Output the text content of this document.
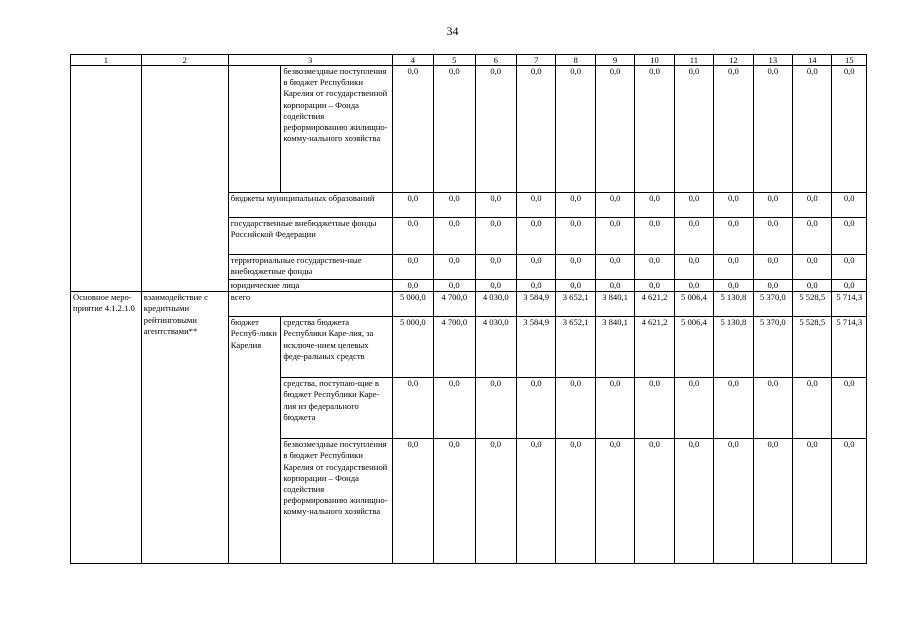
34
1	2	3		4	5	6	7	8	9	10	11	12	13	14	15
			безвозмездные поступления в бюджет Республики Карелия от государственной корпорации – Фонда содействия реформированию жилищно-комму-нального хозяйства	0,0	0,0	0,0	0,0	0,0	0,0	0,0	0,0	0,0	0,0	0,0	0,0
		бюджеты муниципальных образований		0,0	0,0	0,0	0,0	0,0	0,0	0,0	0,0	0,0	0,0	0,0	0,0
		государственные внебюджетные фонды Российской Федерации		0,0	0,0	0,0	0,0	0,0	0,0	0,0	0,0	0,0	0,0	0,0	0,0
		территориальные государствен-ные внебюджетные фонды		0,0	0,0	0,0	0,0	0,0	0,0	0,0	0,0	0,0	0,0	0,0	0,0
		юридические лица		0,0	0,0	0,0	0,0	0,0	0,0	0,0	0,0	0,0	0,0	0,0	0,0
Основное меро-приятие 4.1.2.1.0	взаимодействие с кредитными рейтинговыми агентствами**	всего		5 000,0	4 700,0	4 030,0	3 584,9	3 652,1	3 840,1	4 621,2	5 006,4	5 130,8	5 370,0	5 528,5	5 714,3
		бюджет Респуб-лики Карелия	средства бюджета Республики Каре-лия, за исключе-нием целевых феде-ральных средств	5 000,0	4 700,0	4 030,0	3 584,9	3 652,1	3 840,1	4 621,2	5 006,4	5 130,8	5 370,0	5 528,5	5 714,3
			средства, поступаю-щие в бюджет Республики Каре-лия из федерального бюджета	0,0	0,0	0,0	0,0	0,0	0,0	0,0	0,0	0,0	0,0	0,0	0,0
			безвозмездные поступления в бюджет Республики Карелия от государственной корпорации – Фонда содействия реформированию жилищно-комму-нального хозяйства	0,0	0,0	0,0	0,0	0,0	0,0	0,0	0,0	0,0	0,0	0,0	0,0
